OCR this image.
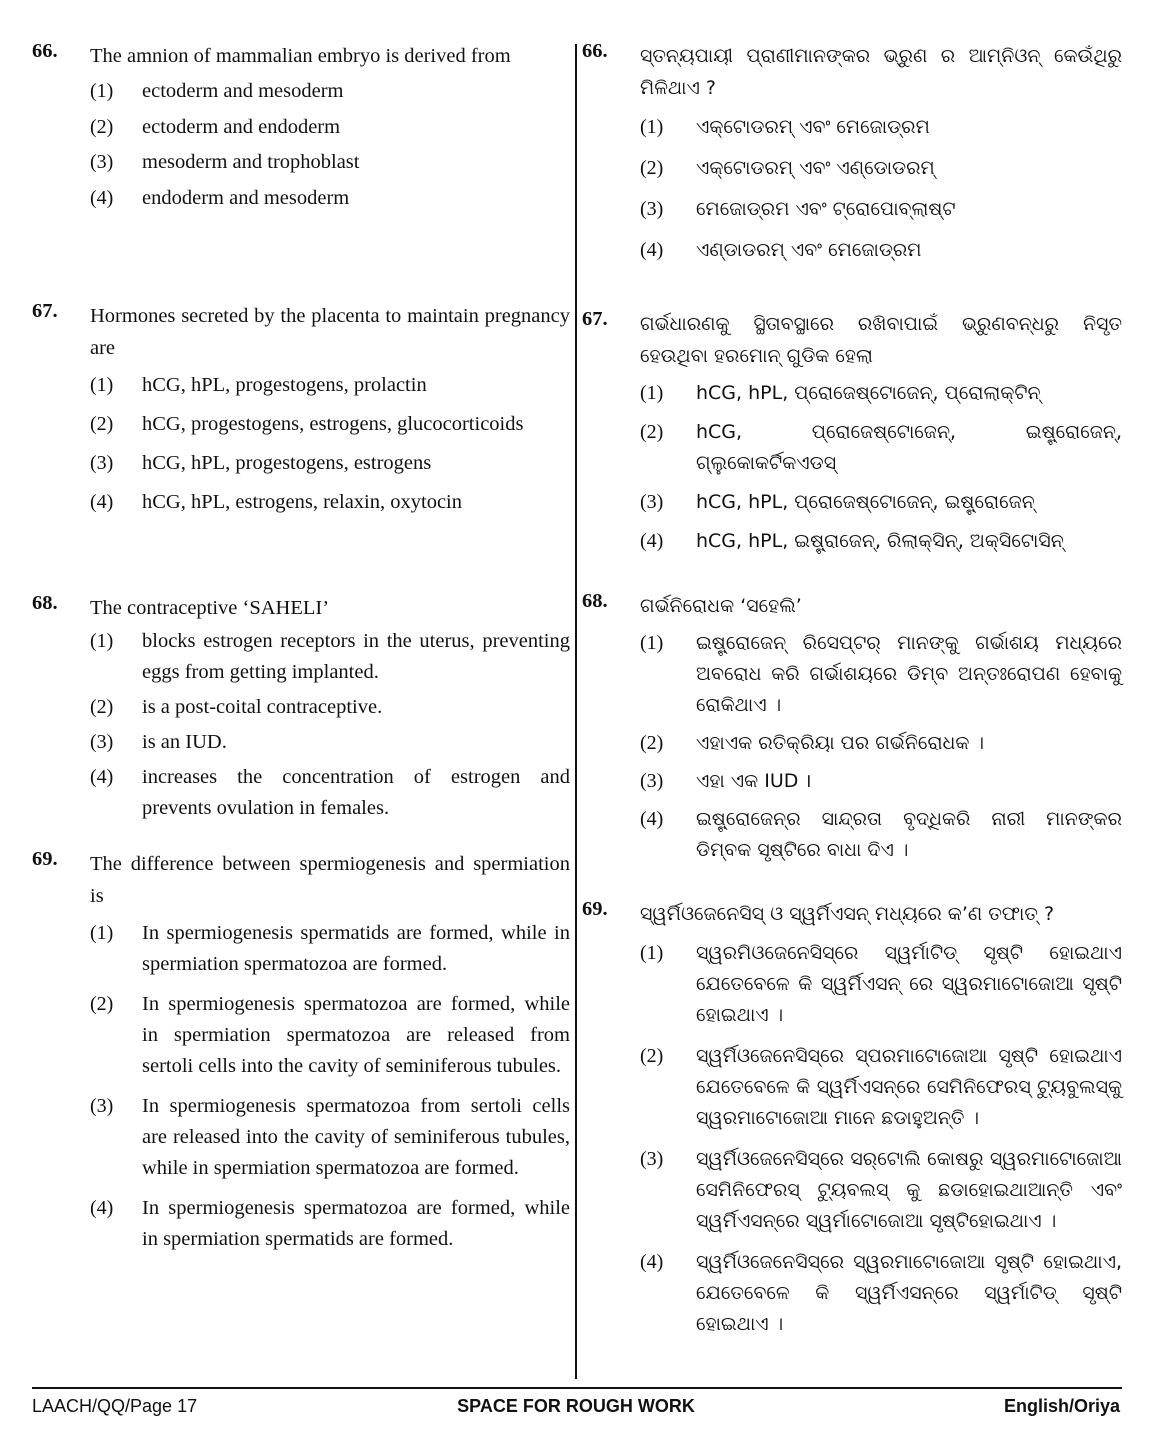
66. The amnion of mammalian embryo is derived from
(1)	ectoderm and mesoderm
(2)	ectoderm and endoderm
(3)	mesoderm and trophoblast
(4)	endoderm and mesoderm
67. Hormones secreted by the placenta to maintain pregnancy are
(1)	hCG, hPL, progestogens, prolactin
(2)	hCG, progestogens, estrogens, glucocorticoids
(3)	hCG, hPL, progestogens, estrogens
(4)	hCG, hPL, estrogens, relaxin, oxytocin
68. The contraceptive ‘SAHELI’
(1)	blocks estrogen receptors in the uterus, preventing eggs from getting implanted.
(2)	is a post-coital contraceptive.
(3)	is an IUD.
(4)	increases the concentration of estrogen and prevents ovulation in females.
69. The difference between spermiogenesis and spermiation is
(1)	In spermiogenesis spermatids are formed, while in spermiation spermatozoa are formed.
(2)	In spermiogenesis spermatozoa are formed, while in spermiation spermatozoa are released from sertoli cells into the cavity of seminiferous tubules.
(3)	In spermiogenesis spermatozoa from sertoli cells are released into the cavity of seminiferous tubules, while in spermiation spermatozoa are formed.
(4)	In spermiogenesis spermatozoa are formed, while in spermiation spermatids are formed.
66. ସ୍ତନ୍ୟପାୟୀ ପ୍ରାଣୀମାନଙ୍କର ଭ୍ରୁଣ ର ଆମ୍ନିଓନ୍ କେଉଁଥିରୁ ମିଳିଥାଏ ?
(1)	ଏକ୍ଟୋଡରମ୍ ଏବଂ ମେଜୋଡ୍ରମ
(2)	ଏକ୍ଟୋଡରମ୍ ଏବଂ ଏଣ୍ଡୋଡରମ୍
(3)	ମେଜୋଡ୍ରମ ଏବଂ ଟ୍ରୋପୋବ୍ଲାଷ୍ଟ
(4)	ଏଣ୍ଡାଡରମ୍ ଏବଂ ମେଜୋଡ୍ରମ
67. ଗର୍ଭଧାରଣକୁ ସ୍ଥିତାବସ୍ଥାରେ ରଖିବାପାଇଁ ଭ୍ରୁଣବନ୍ଧରୁ ନିସୃତ ହେଉଥିବା ହରମୋନ୍ ଗୁଡିକ ହେଲା
(1)	hCG, hPL, ପ୍ରୋଜେଷ୍ଟୋଜେନ୍, ପ୍ରୋଲାକ୍ଟିନ୍
(2)	hCG, ପ୍ରୋଜେଷ୍ଟୋଜେନ୍, ଇଷ୍ଟ୍ରୋଜେନ୍, ଗ୍ଲୁକୋକର୍ଟିକଏଡସ୍
(3)	hCG, hPL, ପ୍ରୋଜେଷ୍ଟୋଜେନ୍, ଇଷ୍ଟ୍ରୋଜେନ୍
(4)	hCG, hPL, ଇଷ୍ଟ୍ରାଜେନ୍, ରିଲାକ୍ସିନ୍, ଅକ୍ସିଟୋସିନ୍
68. ଗର୍ଭନିରୋଧକ ‘ସହେଲି’
(1)	ଇଷ୍ଟ୍ରୋଜେନ୍ ରିସେପ୍ଟର୍ ମାନଙ୍କୁ ଗର୍ଭାଶୟ ମଧ୍ୟରେ ଅବରୋଧ କରି ଗର୍ଭାଶୟରେ ଡିମ୍ବ ଅନ୍ତଃରୋପଣ ହେବାକୁ ରୋକିଥାଏ ।
(2)	ଏହାଏକ ରତିକ୍ରିୟା ପର ଗର୍ଭନିରୋଧକ ।
(3)	ଏହା ଏକ IUD ।
(4)	ଇଷ୍ଟ୍ରୋଜେନ୍‌ର ସାନ୍ଦ୍ରତା ବୃଦ୍ଧିକରି ନାରୀ ମାନଙ୍କର ଡିମ୍ବକ ସୃଷ୍ଟିରେ ବାଧା ଦିଏ ।
69. ସ୍ୱର୍ମିଓଜେନେସିସ୍ ଓ ସ୍ୱର୍ମିଏସନ୍ ମଧ୍ୟରେ କ’ଣ ତଫାତ୍ ?
(1)	ସ୍ୱରମିଓଜେନେସିସ୍‌ରେ ସ୍ୱର୍ମାଟିଡ୍ ସୃଷ୍ଟି ହୋଇଥାଏ ଯେତେବେଳେ କି ସ୍ୱର୍ମିଏସନ୍ ରେ ସ୍ୱରମାଟୋଜୋଆ ସୃଷ୍ଟି ହୋଇଥାଏ ।
(2)	ସ୍ୱର୍ମିଓଜେନେସିସ୍‌ରେ ସ୍ପରମାଟୋଜୋଆ ସୃଷ୍ଟି ହୋଇଥାଏ ଯେତେବେଳେ କି ସ୍ୱର୍ମିଏସନ୍‌ରେ ସେମିନିଫେରସ୍ ଟ୍ୟୁବୁଲସ୍‌କୁ ସ୍ୱରମାଟୋଜୋଆ ମାନେ ଛଡାହୁଅନ୍ତି ।
(3)	ସ୍ୱର୍ମିଓଜେନେସିସ୍‌ରେ ସର୍‌ଟୋଲି କୋଷରୁ ସ୍ୱରମାଟୋଜୋଆ ସେମିନିଫେରସ୍ ଟ୍ୟୁବଲସ୍ କୁ ଛଡାହୋଇଥାଆନ୍ତି ଏବଂ ସ୍ୱର୍ମିଏସନ୍‌ରେ ସ୍ୱର୍ମାଟୋଜୋଆ ସୃଷ୍ଟିହୋଇଥାଏ ।
(4)	ସ୍ୱର୍ମିଓଜେନେସିସ୍‌ରେ ସ୍ୱରମାଟୋଜୋଆ ସୃଷ୍ଟି ହୋଇଥାଏ, ଯେତେବେଳେ କି ସ୍ୱର୍ମିଏସନ୍‌ରେ ସ୍ୱର୍ମାଟିଡ୍ ସୃଷ୍ଟି ହୋଇଥାଏ ।
SPACE FOR ROUGH WORK
LAACH/QQ/Page 17	English/Oriya
